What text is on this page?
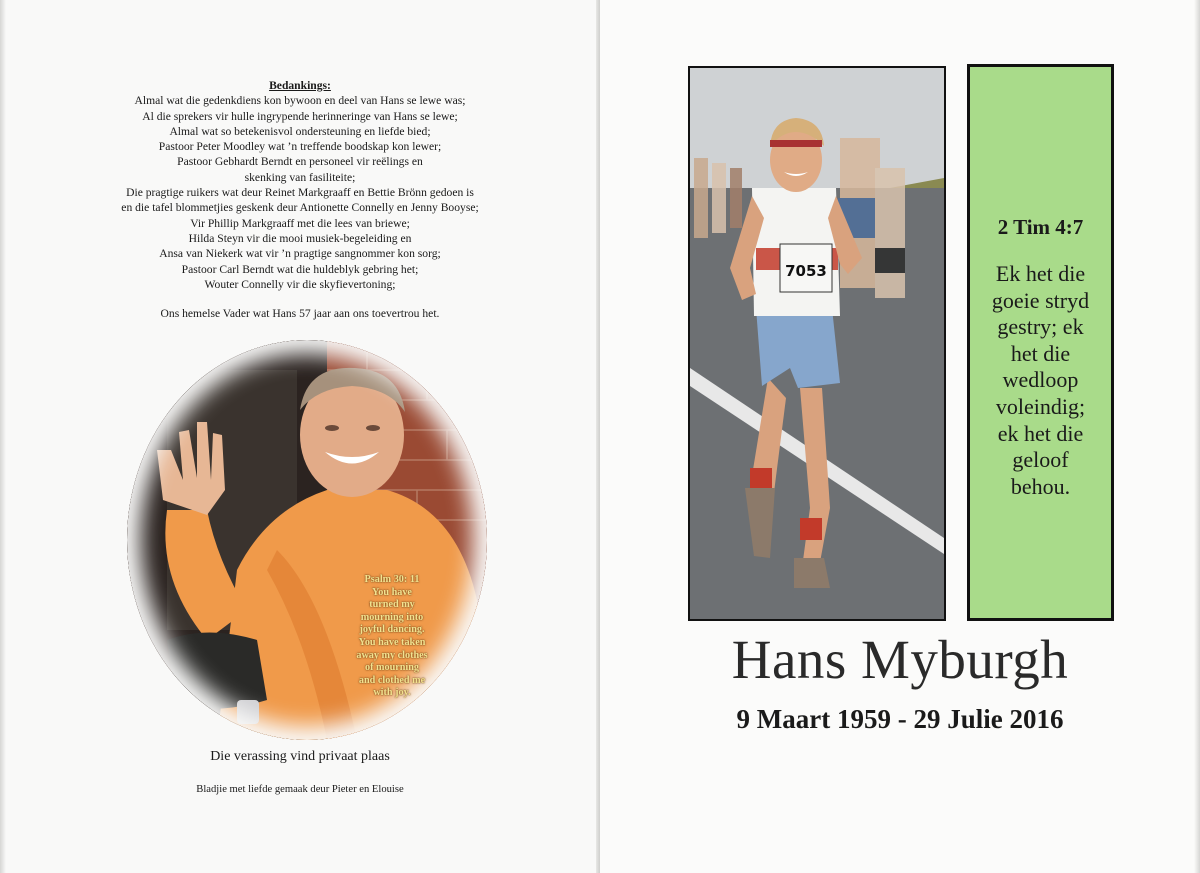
Bedankings:
Almal wat die gedenkdiens kon bywoon en deel van Hans se lewe was;
Al die sprekers vir hulle ingrypende herinneringe van Hans se lewe;
Almal wat so betekenisvol ondersteuning en liefde bied;
Pastoor Peter Moodley wat ’n treffende boodskap kon lewer;
Pastoor Gebhardt Berndt en personeel vir reëlings en
skenking van fasiliteite;
Die pragtige ruikers wat deur Reinet Markgraaff en Bettie Brönn gedoen is
en die tafel blommetjies geskenk deur Antionette Connelly en Jenny Booyse;
Vir Phillip Markgraaff met die lees van briewe;
Hilda Steyn vir die mooi musiek-begeleiding en
Ansa van Niekerk wat vir ’n pragtige sangnommer kon sorg;
Pastoor Carl Berndt wat die huldeblyk gebring het;
Wouter Connelly vir die skyfievertoning;
Ons hemelse Vader wat Hans 57 jaar aan ons toevertrou het.
Psalm 30: 11
You have
turned my
mourning into
joyful dancing.
You have taken
away my clothes
of mourning
and clothed me
with joy.
Die verassing vind privaat plaas
Bladjie met liefde gemaak deur Pieter en Elouise
7053
2 Tim 4:7
Ek het die
goeie stryd
gestry; ek
het die
wedloop
voleindig;
ek het die
geloof
behou.
Hans Myburgh
9 Maart 1959 - 29 Julie 2016
